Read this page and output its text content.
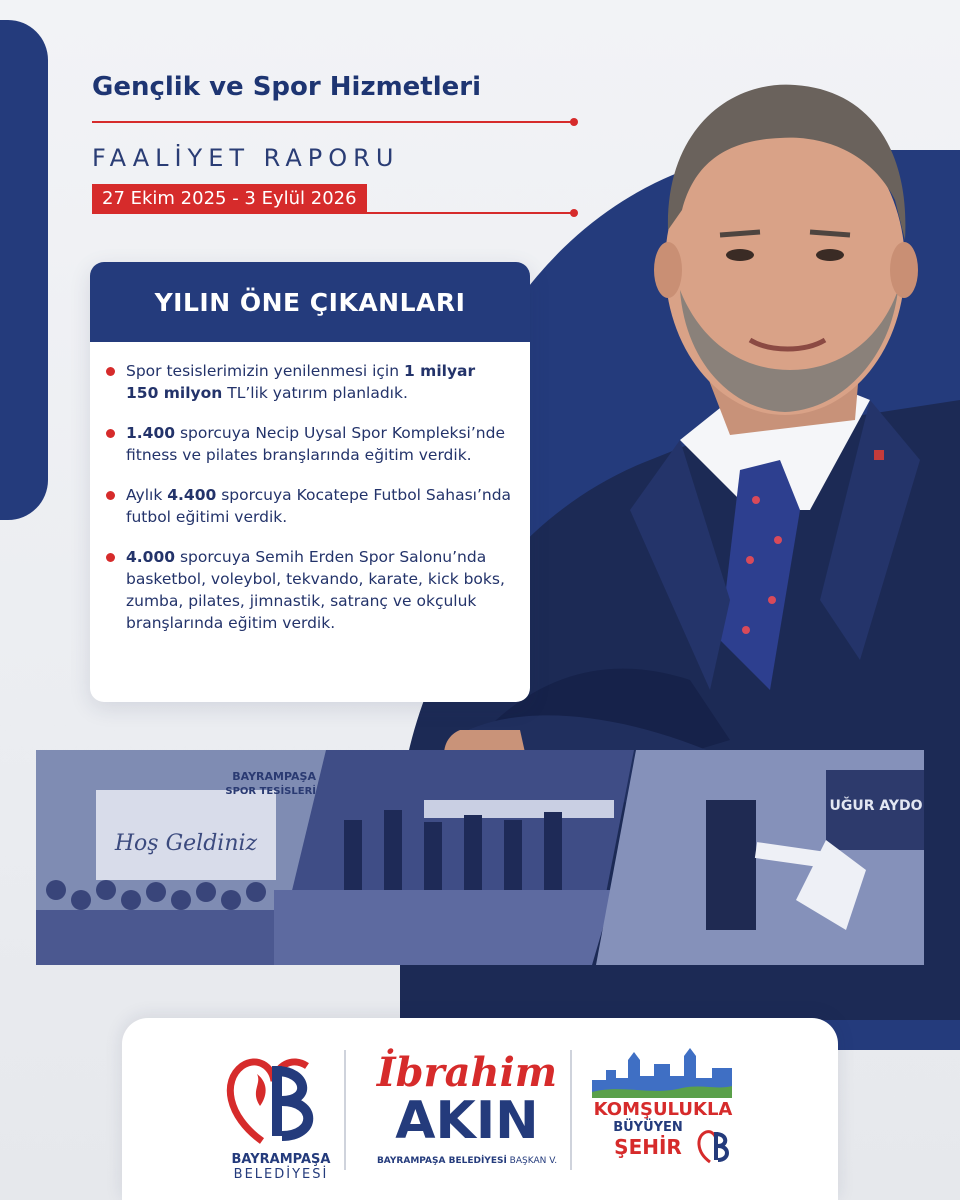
Gençlik ve Spor Hizmetleri
FAALİYET RAPORU
27 Ekim 2025 - 3 Eylül 2026
YILIN ÖNE ÇIKANLARI
Spor tesislerimizin yenilenmesi için 1 milyar 150 milyon TL’lik yatırım planladık.
1.400 sporcuya Necip Uysal Spor Kompleksi’nde fitness ve pilates branşlarında eğitim verdik.
Aylık 4.400 sporcuya Kocatepe Futbol Sahası’nda futbol eğitimi verdik.
4.000 sporcuya Semih Erden Spor Salonu’nda basketbol, voleybol, tekvando, karate, kick boks, zumba, pilates, jimnastik, satranç ve okçuluk branşlarında eğitim verdik.
Hoş Geldiniz
BAYRAMPAŞA
SPOR TESİSLERİ
UĞUR AYDO
BAYRAMPAŞA
BELEDİYESİ
İbrahim
AKIN
BAYRAMPAŞA BELEDİYESİ BAŞKAN V.
KOMŞULUKLA
BÜYÜYEN
ŞEHİR
